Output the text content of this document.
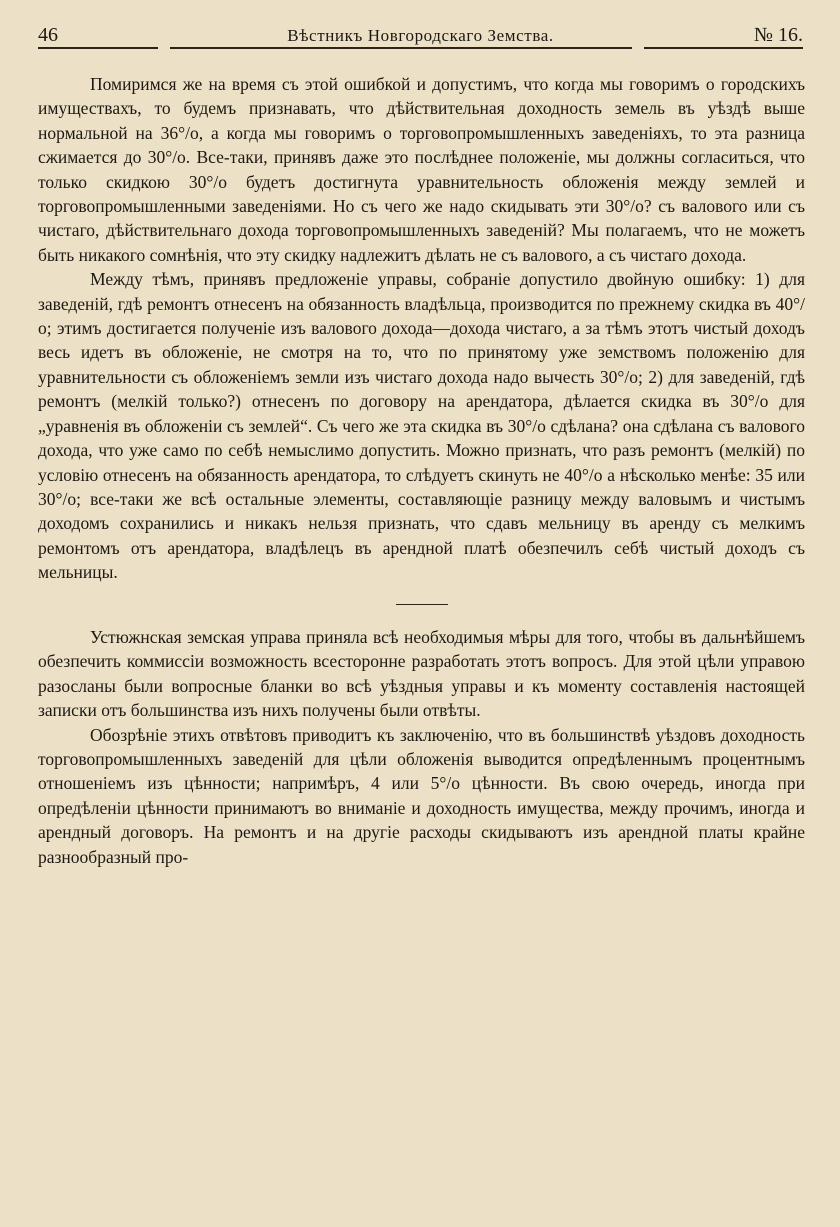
46	Вѣстникъ Новгородскаго Земства.	№ 16.

Помиримся же на время съ этой ошибкой и допустимъ, что когда мы говоримъ о городскихъ имуществахъ, то будемъ признавать, что дѣйствительная доходность земель въ уѣздѣ выше нормальной на 36°/о, а когда мы говоримъ о торговопромышленныхъ заведеніяхъ, то эта разница сжимается до 30°/о. Все-таки, принявъ даже это послѣднее положеніе, мы должны согласиться, что только скидкою 30°/о будетъ достигнута уравнительность обложенія между землей и торговопромышленными заведеніями. Но съ чего же надо скидывать эти 30°/о? съ валового или съ чистаго, дѣйствительнаго дохода торговопромышленныхъ заведеній? Мы полагаемъ, что не можетъ быть никакого сомнѣнія, что эту скидку надлежитъ дѣлать не съ валового, а съ чистаго дохода.

Между тѣмъ, принявъ предложеніе управы, собраніе допустило двойную ошибку: 1) для заведеній, гдѣ ремонтъ отнесенъ на обязанность владѣльца, производится по прежнему скидка въ 40°/о; этимъ достигается полученіе изъ валового дохода—дохода чистаго, а за тѣмъ этотъ чистый доходъ весь идетъ въ обложеніе, не смотря на то, что по принятому уже земствомъ положенію для уравнительности съ обложеніемъ земли изъ чистаго дохода надо вычесть 30°/о; 2) для заведеній, гдѣ ремонтъ (мелкій только?) отнесенъ по договору на арендатора, дѣлается скидка въ 30°/о для „уравненія въ обложеніи съ землей“. Съ чего же эта скидка въ 30°/о сдѣлана? она сдѣлана съ валового дохода, что уже само по себѣ немыслимо допустить. Можно признать, что разъ ремонтъ (мелкій) по условію отнесенъ на обязанность арендатора, то слѣдуетъ скинуть не 40°/о а нѣсколько менѣе: 35 или 30°/о; все-таки же всѣ остальные элементы, составляющіе разницу между валовымъ и чистымъ доходомъ сохранились и никакъ нельзя признать, что сдавъ мельницу въ аренду съ мелкимъ ремонтомъ отъ арендатора, владѣлецъ въ арендной платѣ обезпечилъ себѣ чистый доходъ съ мельницы.

Устюжнская земская управа приняла всѣ необходимыя мѣры для того, чтобы въ дальнѣйшемъ обезпечить коммиссіи возможность всесторонне разработать этотъ вопросъ. Для этой цѣли управою разосланы были вопросные бланки во всѣ уѣздныя управы и къ моменту составленія настоящей записки отъ большинства изъ нихъ получены были отвѣты.

Обозрѣніе этихъ отвѣтовъ приводитъ къ заключенію, что въ большинствѣ уѣздовъ доходность торговопромышленныхъ заведеній для цѣли обложенія выводится опредѣленнымъ процентнымъ отношеніемъ изъ цѣнности; напримѣръ, 4 или 5°/о цѣнности. Въ свою очередь, иногда при опредѣленіи цѣнности принимаютъ во вниманіе и доходность имущества, между прочимъ, иногда и арендный договоръ. На ремонтъ и на другіе расходы скидываютъ изъ арендной платы крайне разнообразный про-
